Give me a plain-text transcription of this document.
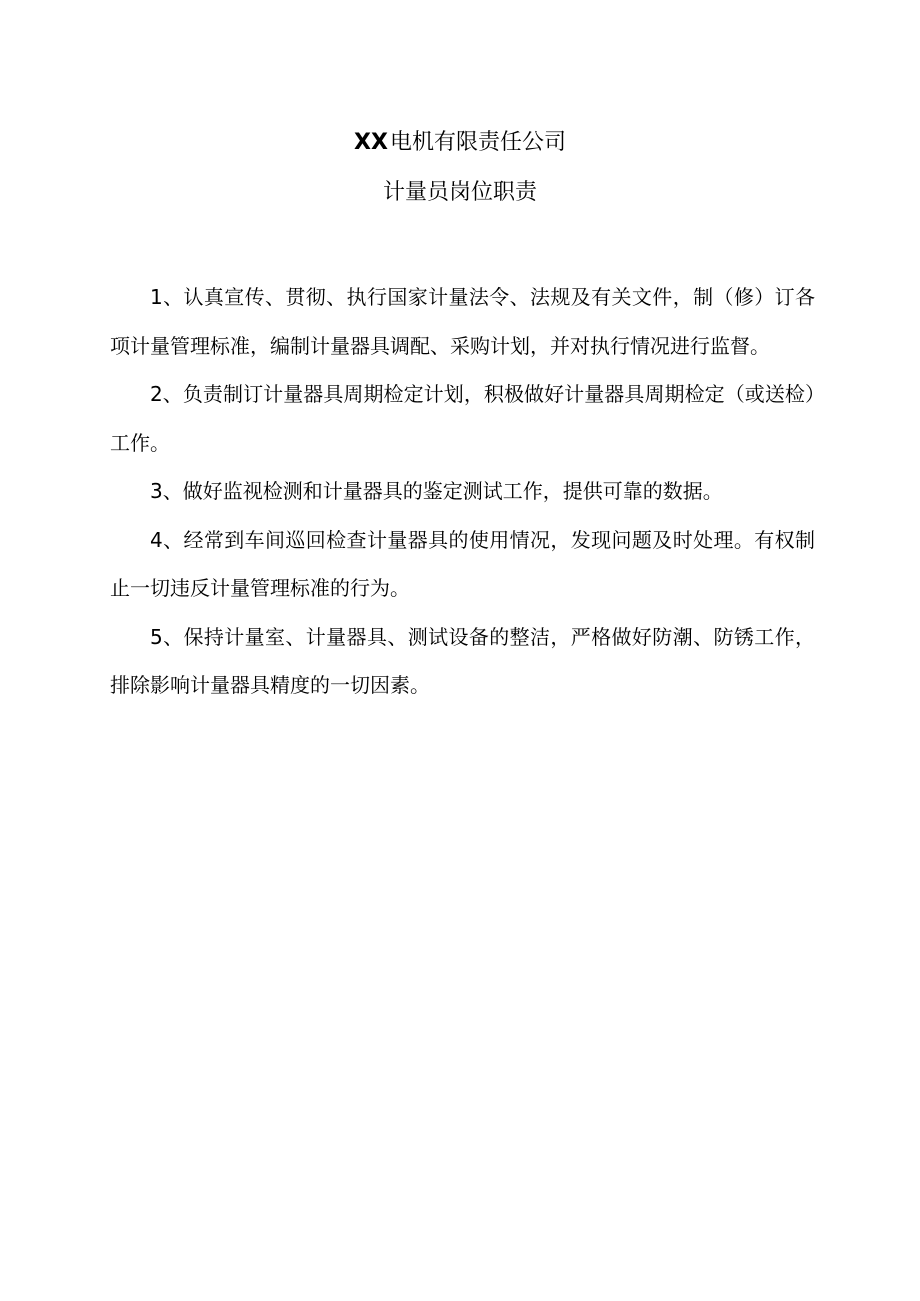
XX电机有限责任公司
计量员岗位职责

1、认真宣传、贯彻、执行国家计量法令、法规及有关文件，制（修）订各项计量管理标准，编制计量器具调配、采购计划，并对执行情况进行监督。

2、负责制订计量器具周期检定计划，积极做好计量器具周期检定（或送检）工作。

3、做好监视检测和计量器具的鉴定测试工作，提供可靠的数据。

4、经常到车间巡回检查计量器具的使用情况，发现问题及时处理。有权制止一切违反计量管理标准的行为。

5、保持计量室、计量器具、测试设备的整洁，严格做好防潮、防锈工作，排除影响计量器具精度的一切因素。
